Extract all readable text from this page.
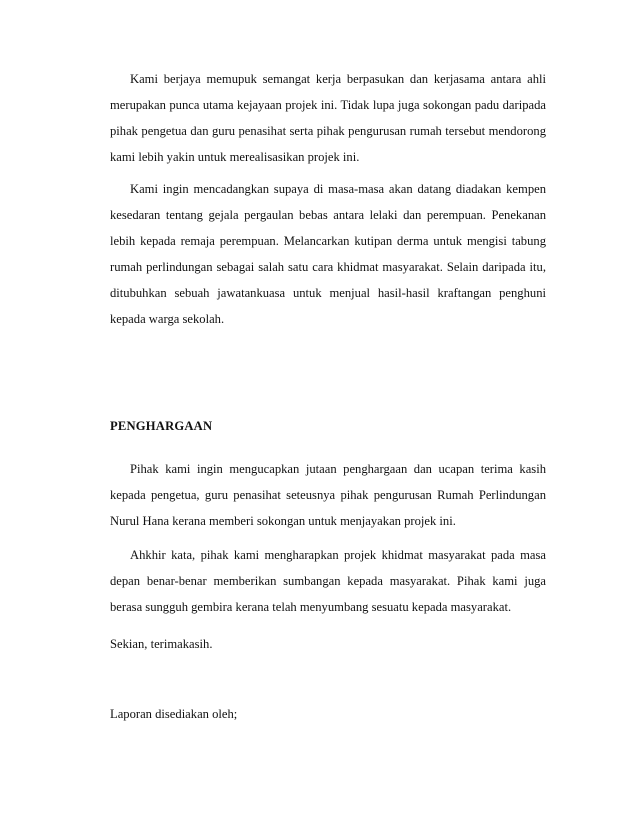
Kami berjaya memupuk semangat kerja berpasukan dan kerjasama antara ahli
merupakan punca utama kejayaan projek ini. Tidak lupa juga sokongan padu daripada
pihak pengetua dan guru penasihat serta pihak pengurusan rumah tersebut mendorong
kami lebih yakin untuk merealisasikan projek ini.
Kami ingin mencadangkan supaya di masa-masa akan datang diadakan kempen
kesedaran tentang gejala pergaulan bebas antara lelaki dan perempuan. Penekanan
lebih kepada remaja perempuan. Melancarkan kutipan derma untuk mengisi tabung
rumah perlindungan sebagai salah satu cara khidmat masyarakat. Selain daripada itu,
ditubuhkan sebuah jawatankuasa untuk menjual hasil-hasil kraftangan penghuni
kepada warga sekolah.
PENGHARGAAN
Pihak kami ingin mengucapkan jutaan penghargaan dan ucapan terima kasih
kepada pengetua, guru penasihat seteusnya pihak pengurusan Rumah Perlindungan
Nurul Hana kerana memberi sokongan untuk menjayakan projek ini.
Ahkhir kata, pihak kami mengharapkan projek khidmat masyarakat pada masa
depan benar-benar memberikan sumbangan kepada masyarakat. Pihak kami juga
berasa sungguh gembira kerana telah menyumbang sesuatu kepada masyarakat.
Sekian, terimakasih.
Laporan disediakan oleh;
